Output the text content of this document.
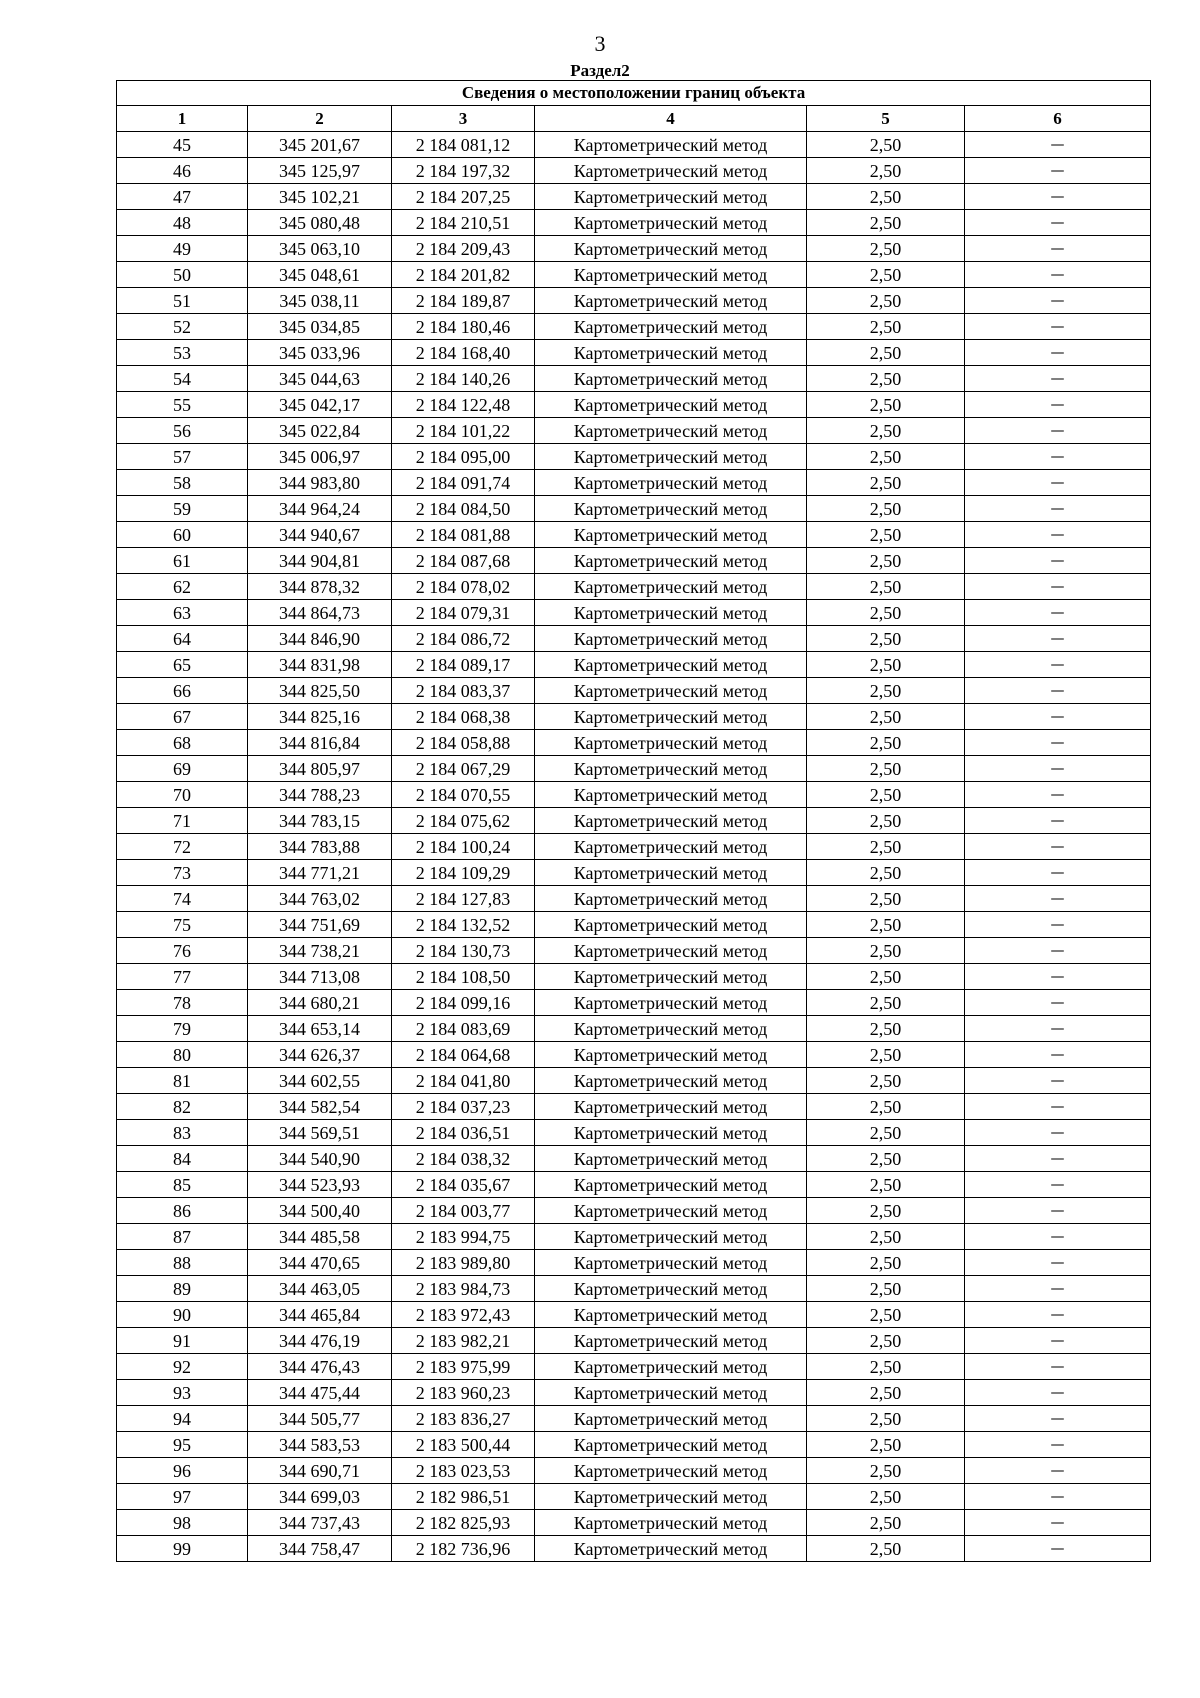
3
Раздел2
Сведения о местоположении границ объекта					
1	2	3	4	5	6
45	345 201,67	2 184 081,12	Картометрический метод	2,50	—
46	345 125,97	2 184 197,32	Картометрический метод	2,50	—
47	345 102,21	2 184 207,25	Картометрический метод	2,50	—
48	345 080,48	2 184 210,51	Картометрический метод	2,50	—
49	345 063,10	2 184 209,43	Картометрический метод	2,50	—
50	345 048,61	2 184 201,82	Картометрический метод	2,50	—
51	345 038,11	2 184 189,87	Картометрический метод	2,50	—
52	345 034,85	2 184 180,46	Картометрический метод	2,50	—
53	345 033,96	2 184 168,40	Картометрический метод	2,50	—
54	345 044,63	2 184 140,26	Картометрический метод	2,50	—
55	345 042,17	2 184 122,48	Картометрический метод	2,50	—
56	345 022,84	2 184 101,22	Картометрический метод	2,50	—
57	345 006,97	2 184 095,00	Картометрический метод	2,50	—
58	344 983,80	2 184 091,74	Картометрический метод	2,50	—
59	344 964,24	2 184 084,50	Картометрический метод	2,50	—
60	344 940,67	2 184 081,88	Картометрический метод	2,50	—
61	344 904,81	2 184 087,68	Картометрический метод	2,50	—
62	344 878,32	2 184 078,02	Картометрический метод	2,50	—
63	344 864,73	2 184 079,31	Картометрический метод	2,50	—
64	344 846,90	2 184 086,72	Картометрический метод	2,50	—
65	344 831,98	2 184 089,17	Картометрический метод	2,50	—
66	344 825,50	2 184 083,37	Картометрический метод	2,50	—
67	344 825,16	2 184 068,38	Картометрический метод	2,50	—
68	344 816,84	2 184 058,88	Картометрический метод	2,50	—
69	344 805,97	2 184 067,29	Картометрический метод	2,50	—
70	344 788,23	2 184 070,55	Картометрический метод	2,50	—
71	344 783,15	2 184 075,62	Картометрический метод	2,50	—
72	344 783,88	2 184 100,24	Картометрический метод	2,50	—
73	344 771,21	2 184 109,29	Картометрический метод	2,50	—
74	344 763,02	2 184 127,83	Картометрический метод	2,50	—
75	344 751,69	2 184 132,52	Картометрический метод	2,50	—
76	344 738,21	2 184 130,73	Картометрический метод	2,50	—
77	344 713,08	2 184 108,50	Картометрический метод	2,50	—
78	344 680,21	2 184 099,16	Картометрический метод	2,50	—
79	344 653,14	2 184 083,69	Картометрический метод	2,50	—
80	344 626,37	2 184 064,68	Картометрический метод	2,50	—
81	344 602,55	2 184 041,80	Картометрический метод	2,50	—
82	344 582,54	2 184 037,23	Картометрический метод	2,50	—
83	344 569,51	2 184 036,51	Картометрический метод	2,50	—
84	344 540,90	2 184 038,32	Картометрический метод	2,50	—
85	344 523,93	2 184 035,67	Картометрический метод	2,50	—
86	344 500,40	2 184 003,77	Картометрический метод	2,50	—
87	344 485,58	2 183 994,75	Картометрический метод	2,50	—
88	344 470,65	2 183 989,80	Картометрический метод	2,50	—
89	344 463,05	2 183 984,73	Картометрический метод	2,50	—
90	344 465,84	2 183 972,43	Картометрический метод	2,50	—
91	344 476,19	2 183 982,21	Картометрический метод	2,50	—
92	344 476,43	2 183 975,99	Картометрический метод	2,50	—
93	344 475,44	2 183 960,23	Картометрический метод	2,50	—
94	344 505,77	2 183 836,27	Картометрический метод	2,50	—
95	344 583,53	2 183 500,44	Картометрический метод	2,50	—
96	344 690,71	2 183 023,53	Картометрический метод	2,50	—
97	344 699,03	2 182 986,51	Картометрический метод	2,50	—
98	344 737,43	2 182 825,93	Картометрический метод	2,50	—
99	344 758,47	2 182 736,96	Картометрический метод	2,50	—
